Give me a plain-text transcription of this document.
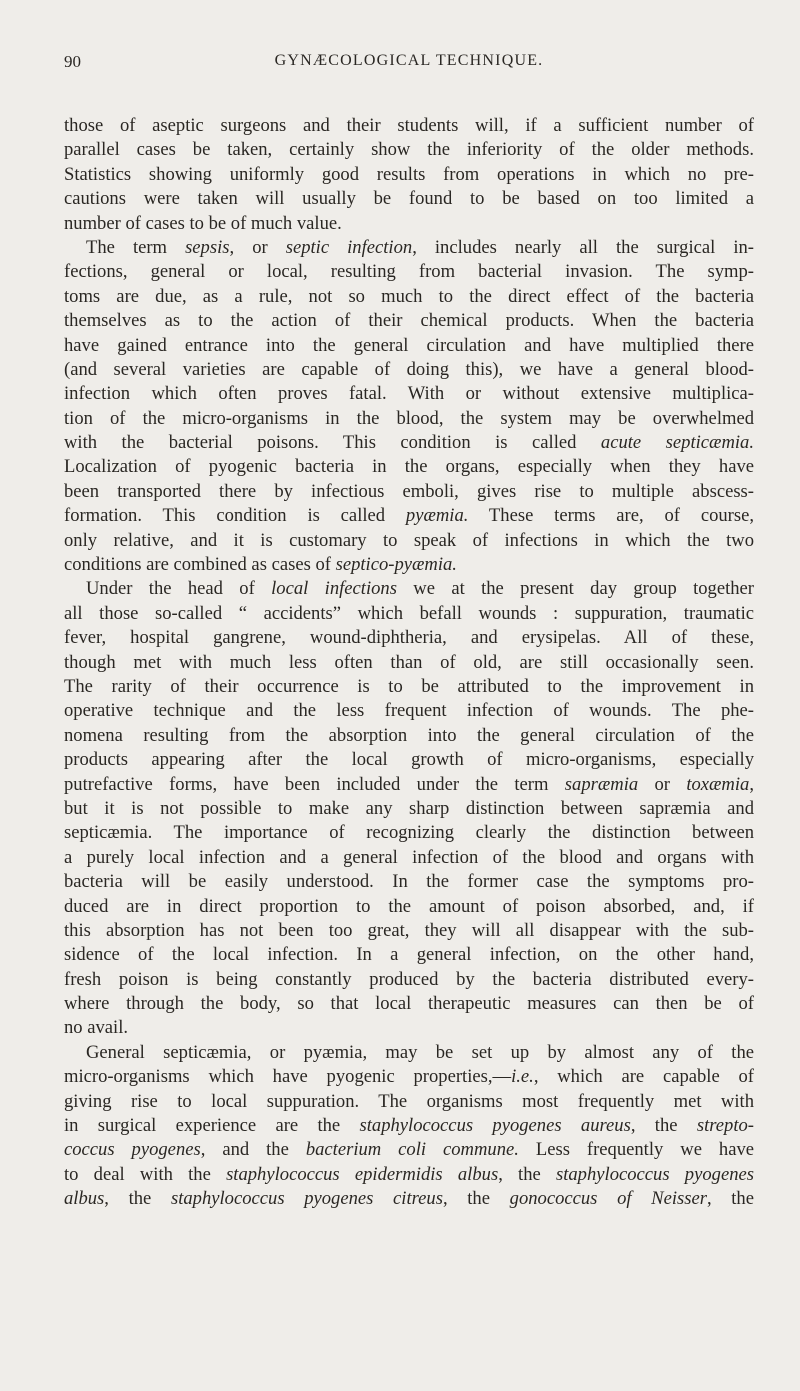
90	GYNÆCOLOGICAL TECHNIQUE.
those of aseptic surgeons and their students will, if a sufficient number of
parallel cases be taken, certainly show the inferiority of the older methods.
Statistics showing uniformly good results from operations in which no pre-
cautions were taken will usually be found to be based on too limited a
number of cases to be of much value.
The term sepsis, or septic infection, includes nearly all the surgical in-
fections, general or local, resulting from bacterial invasion. The symp-
toms are due, as a rule, not so much to the direct effect of the bacteria
themselves as to the action of their chemical products. When the bacteria
have gained entrance into the general circulation and have multiplied there
(and several varieties are capable of doing this), we have a general blood-
infection which often proves fatal. With or without extensive multiplica-
tion of the micro-organisms in the blood, the system may be overwhelmed
with the bacterial poisons. This condition is called acute septicæmia.
Localization of pyogenic bacteria in the organs, especially when they have
been transported there by infectious emboli, gives rise to multiple abscess-
formation. This condition is called pyæmia. These terms are, of course,
only relative, and it is customary to speak of infections in which the two
conditions are combined as cases of septico-pyæmia.
Under the head of local infections we at the present day group together
all those so-called “ accidents” which befall wounds : suppuration, traumatic
fever, hospital gangrene, wound-diphtheria, and erysipelas. All of these,
though met with much less often than of old, are still occasionally seen.
The rarity of their occurrence is to be attributed to the improvement in
operative technique and the less frequent infection of wounds. The phe-
nomena resulting from the absorption into the general circulation of the
products appearing after the local growth of micro-organisms, especially
putrefactive forms, have been included under the term sapræmia or toxæmia,
but it is not possible to make any sharp distinction between sapræmia and
septicæmia. The importance of recognizing clearly the distinction between
a purely local infection and a general infection of the blood and organs with
bacteria will be easily understood. In the former case the symptoms pro-
duced are in direct proportion to the amount of poison absorbed, and, if
this absorption has not been too great, they will all disappear with the sub-
sidence of the local infection. In a general infection, on the other hand,
fresh poison is being constantly produced by the bacteria distributed every-
where through the body, so that local therapeutic measures can then be of
no avail.
General septicæmia, or pyæmia, may be set up by almost any of the
micro-organisms which have pyogenic properties,—i.e., which are capable of
giving rise to local suppuration. The organisms most frequently met with
in surgical experience are the staphylococcus pyogenes aureus, the strepto-
coccus pyogenes, and the bacterium coli commune. Less frequently we have
to deal with the staphylococcus epidermidis albus, the staphylococcus pyogenes
albus, the staphylococcus pyogenes citreus, the gonococcus of Neisser, the
